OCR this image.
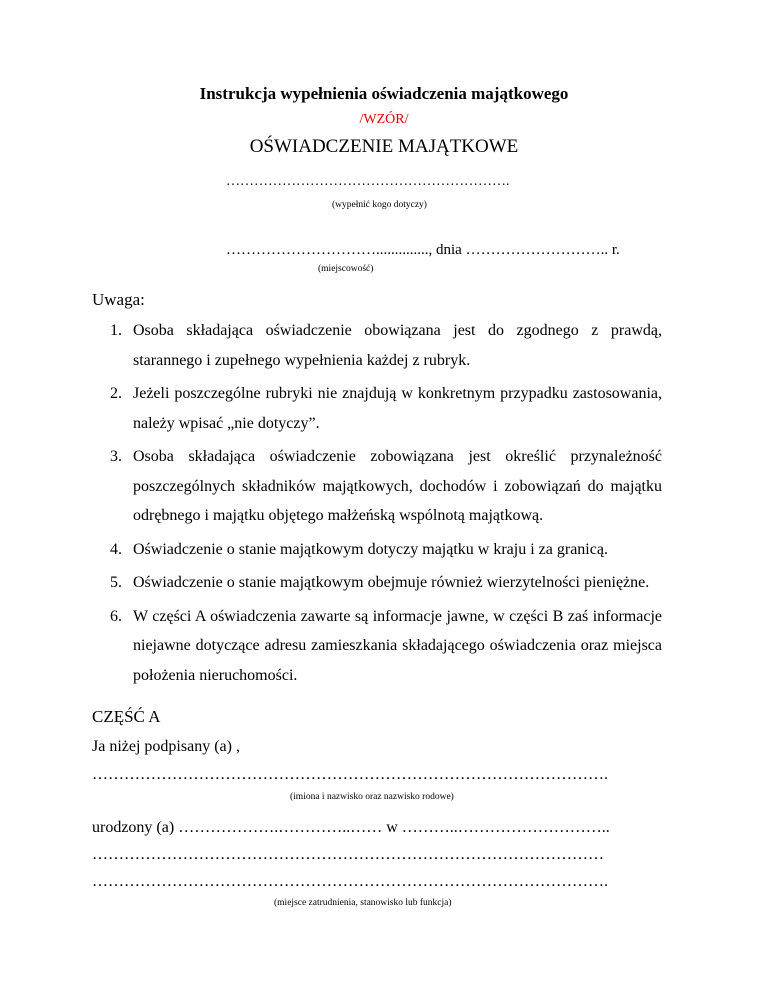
Instrukcja wypełnienia oświadczenia majątkowego
/WZÓR/
OŚWIADCZENIE MAJĄTKOWE
…………………………………………………….
(wypełnić kogo dotyczy)
………………………….............., dnia ……………………….. r.
(miejscowość)
Uwaga:
1. Osoba składająca oświadczenie obowiązana jest do zgodnego z prawdą, starannego i zupełnego wypełnienia każdej z rubryk.
2. Jeżeli poszczególne rubryki nie znajdują w konkretnym przypadku zastosowania, należy wpisać „nie dotyczy”.
3. Osoba składająca oświadczenie zobowiązana jest określić przynależność poszczególnych składników majątkowych, dochodów i zobowiązań do majątku odrębnego i majątku objętego małżeńską wspólnotą majątkową.
4. Oświadczenie o stanie majątkowym dotyczy majątku w kraju i za granicą.
5. Oświadczenie o stanie majątkowym obejmuje również wierzytelności pieniężne.
6. W części A oświadczenia zawarte są informacje jawne, w części B zaś informacje niejawne dotyczące adresu zamieszkania składającego oświadczenia oraz miejsca położenia nieruchomości.
CZĘŚĆ A
Ja niżej podpisany (a) ,
…………………………………………………………………………………….
(imiona i nazwisko oraz nazwisko rodowe)
urodzony (a) ……………….…………..…… w ………..………………………..
……………………………………………………………………………………
…………………………………………………………………………………….
(miejsce zatrudnienia, stanowisko lub funkcja)
